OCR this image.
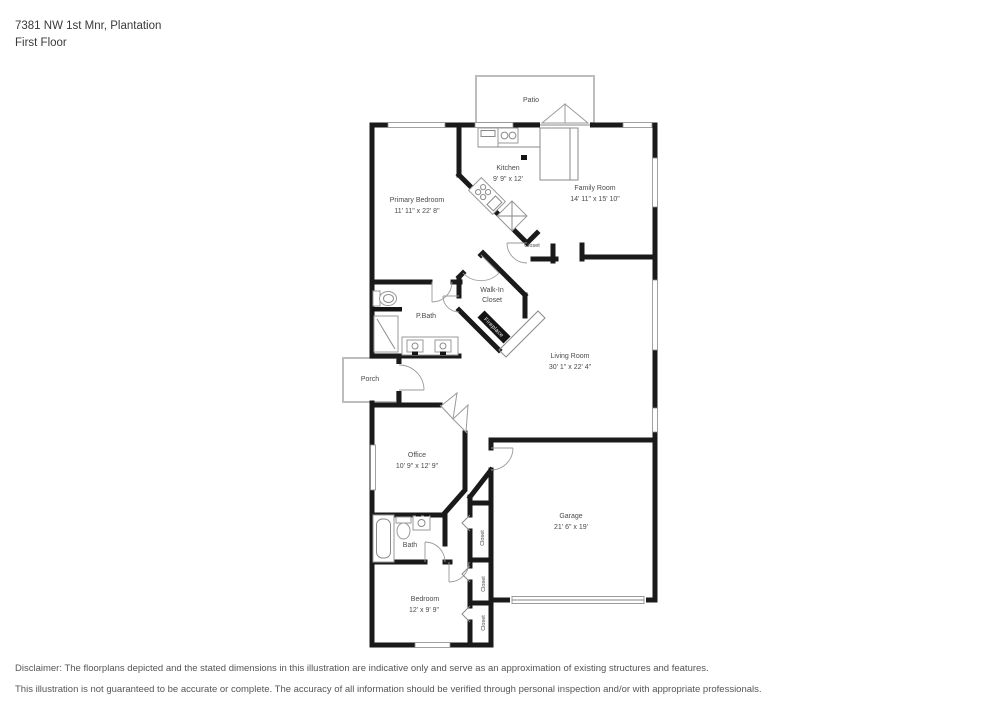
7381 NW 1st Mnr, Plantation
First Floor
Fireplace
Patio
Kitchen
9' 9" x 12'
Family Room
14' 11" x 15' 10"
Primary Bedroom
11' 11" x 22' 8"
Closet
Walk-In
Closet
P.Bath
Living Room
30' 1" x 22' 4"
Porch
Office
10' 9" x 12' 9"
Bath	Closet
Closet
Closet
Garage
21' 6" x 19'
Bedroom
12' x 9' 9"
Disclaimer: The floorplans depicted and the stated dimensions in this illustration are indicative only and serve as an approximation of existing structures and features.
This illustration is not guaranteed to be accurate or complete. The accuracy of all information should be verified through personal inspection and/or with appropriate professionals.
